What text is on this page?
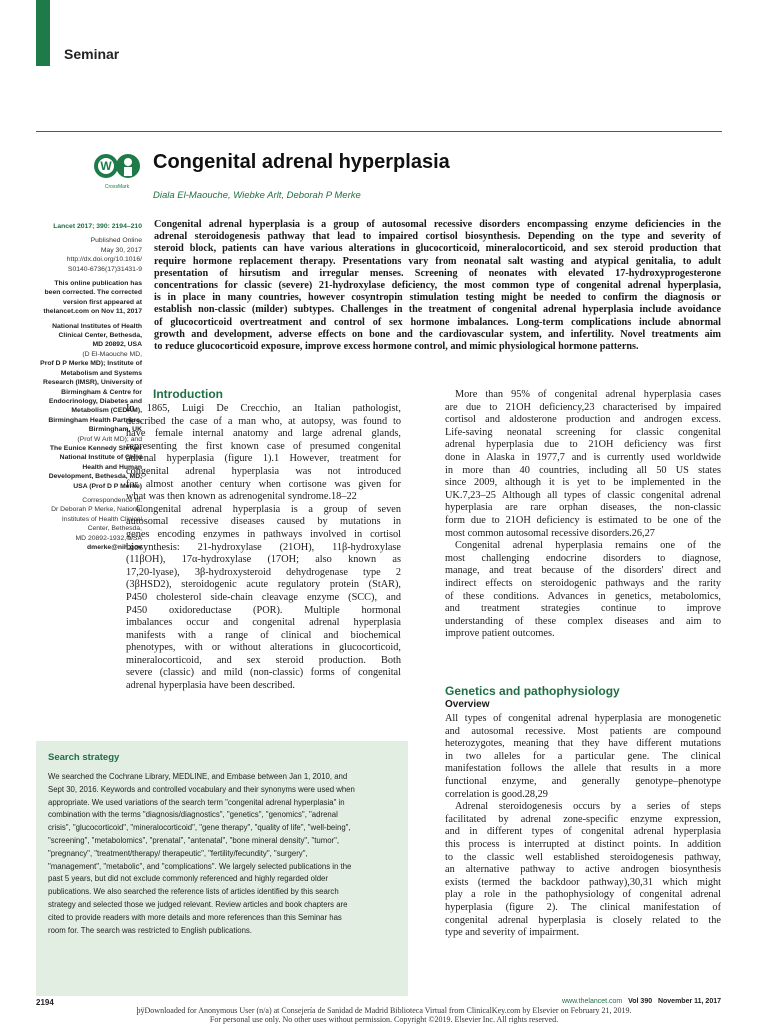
Seminar
W
CrossMark
Congenital adrenal hyperplasia
Diala El-Maouche, Wiebke Arlt, Deborah P Merke
Lancet 2017; 390: 2194–210
Published Online
May 30, 2017
http://dx.doi.org/10.1016/
S0140-6736(17)31431-9
This online publication has
been corrected. The corrected
version first appeared at
thelancet.com on Nov 11, 2017
National Institutes of Health
Clinical Center, Bethesda,
MD 20892, USA
(D El-Maouche MD,
Prof D P Merke MD); Institute of
Metabolism and Systems
Research (IMSR), University of
Birmingham & Centre for
Endocrinology, Diabetes and
Metabolism (CEDAM),
Birmingham Health Partners,
Birmingham, UK
(Prof W Arlt MD); and
The Eunice Kennedy Shriver
National Institute of Child
Health and Human
Development, Bethesda, MD,
USA (Prof D P Merke)
Correspondence to:
Dr Deborah P Merke, National
Institutes of Health Clinical
Center, Bethesda,
MD 20892-1932, USA
dmerke@nih.gov
Congenital adrenal hyperplasia is a group of autosomal recessive disorders encompassing enzyme deficiencies in the
adrenal steroidogenesis pathway that lead to impaired cortisol biosynthesis. Depending on the type and severity of
steroid block, patients can have various alterations in glucocorticoid, mineralocorticoid, and sex steroid production that
require hormone replacement therapy. Presentations vary from neonatal salt wasting and atypical genitalia, to adult
presentation of hirsutism and irregular menses. Screening of neonates with elevated 17-hydroxyprogesterone
concentrations for classic (severe) 21-hydroxylase deficiency, the most common type of congenital adrenal hyperplasia,
is in place in many countries, however cosyntropin stimulation testing might be needed to confirm the diagnosis or
establish non-classic (milder) subtypes. Challenges in the treatment of congenital adrenal hyperplasia include avoidance
of glucocorticoid overtreatment and control of sex hormone imbalances. Long-term complications include abnormal
growth and development, adverse effects on bone and the cardiovascular system, and infertility. Novel treatments aim
to reduce glucocorticoid exposure, improve excess hormone control, and mimic physiological hormone patterns.
Introduction
In 1865, Luigi De Crecchio, an Italian pathologist,
described the case of a man who, at autopsy, was found to
have female internal anatomy and large adrenal glands,
representing the first known case of presumed congenital
adrenal hyperplasia (figure 1).1 However, treatment for
congenital adrenal hyperplasia was not introduced
for almost another century when cortisone was given for
what was then known as adrenogenital syndrome.18–22
Congenital adrenal hyperplasia is a group of seven
autosomal recessive diseases caused by mutations in
genes encoding enzymes in pathways involved in cortisol
biosynthesis: 21-hydroxylase (21OH), 11β-hydroxylase
(11βOH), 17α-hydroxylase (17OH; also known as
17,20-lyase), 3β-hydroxysteroid dehydrogenase type 2
(3βHSD2), steroidogenic acute regulatory protein (StAR),
P450 cholesterol side-chain cleavage enzyme (SCC), and
P450 oxidoreductase (POR). Multiple hormonal
imbalances occur and congenital adrenal hyperplasia
manifests with a range of clinical and biochemical
phenotypes, with or without alterations in glucocorticoid,
mineralocorticoid, and sex steroid production. Both
severe (classic) and mild (non-classic) forms of congenital
adrenal hyperplasia have been described.
More than 95% of congenital adrenal hyperplasia cases
are due to 21OH deficiency,23 characterised by impaired
cortisol and aldosterone production and androgen excess.
Life-saving neonatal screening for classic congenital
adrenal hyperplasia due to 21OH deficiency was first
done in Alaska in 1977,7 and is currently used worldwide
in more than 40 countries, including all 50 US states
since 2009, although it is yet to be implemented in the
UK.7,23–25 Although all types of classic congenital adrenal
hyperplasia are rare orphan diseases, the non-classic
form due to 21OH deficiency is estimated to be one of the
most common autosomal recessive disorders.26,27
Congenital adrenal hyperplasia remains one of the
most challenging endocrine disorders to diagnose,
manage, and treat because of the disorders' direct and
indirect effects on steroidogenic pathways and the rarity
of these conditions. Advances in genetics, metabolomics,
and treatment strategies continue to improve
understanding of these complex diseases and aim to
improve patient outcomes.
Genetics and pathophysiology
Overview
All types of congenital adrenal hyperplasia are monogenetic
and autosomal recessive. Most patients are compound
heterozygotes, meaning that they have different mutations
in two alleles for a particular gene. The clinical
manifestation follows the allele that results in a more
functional enzyme, and generally genotype–phenotype
correlation is good.28,29
Adrenal steroidogenesis occurs by a series of steps
facilitated by adrenal zone-specific enzyme expression,
and in different types of congenital adrenal hyperplasia
this process is interrupted at distinct points. In addition
to the classic well established steroidogenesis pathway,
an alternative pathway to active androgen biosynthesis
exists (termed the backdoor pathway),30,31 which might
play a role in the pathophysiology of congenital adrenal
hyperplasia (figure 2). The clinical manifestation of
congenital adrenal hyperplasia is closely related to the
type and severity of impairment.
Search strategy
We searched the Cochrane Library, MEDLINE, and Embase between Jan 1, 2010, and
Sept 30, 2016. Keywords and controlled vocabulary and their synonyms were used when
appropriate. We used variations of the search term "congenital adrenal hyperplasia" in
combination with the terms "diagnosis/diagnostics", "genetics", "genomics", "adrenal
crisis", "glucocorticoid", "mineralocorticoid", "gene therapy", "quality of life", "well-being",
"screening", "metabolomics", "prenatal", "antenatal", "bone mineral density", "tumor",
"pregnancy", "treatment/therapy/ therapeutic", "fertility/fecundity", "surgery",
"management", "metabolic", and "complications". We largely selected publications in the
past 5 years, but did not exclude commonly referenced and highly regarded older
publications. We also searched the reference lists of articles identified by this search
strategy and selected those we judged relevant. Review articles and book chapters are
cited to provide readers with more details and more references than this Seminar has
room for. The search was restricted to English publications.
2194	www.thelancet.com Vol 390 November 11, 2017
þÿDownloaded for Anonymous User (n/a) at Consejería de Sanidad de Madrid Biblioteca Virtual from ClinicalKey.com by Elsevier on February 21, 2019.
For personal use only. No other uses without permission. Copyright ©2019. Elsevier Inc. All rights reserved.
